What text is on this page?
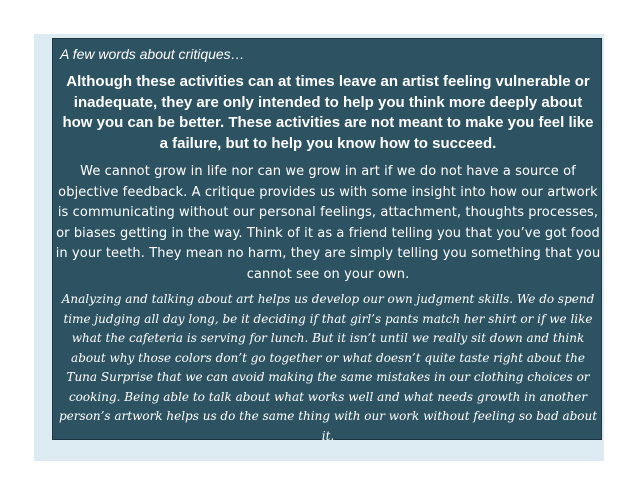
A few words about critiques…
Although these activities can at times leave an artist feeling vulnerable or inadequate, they are only intended to help you think more deeply about how you can be better. These activities are not meant to make you feel like a failure, but to help you know how to succeed.
We cannot grow in life nor can we grow in art if we do not have a source of objective feedback. A critique provides us with some insight into how our artwork is communicating without our personal feelings, attachment, thoughts processes, or biases getting in the way. Think of it as a friend telling you that you’ve got food in your teeth. They mean no harm, they are simply telling you something that you cannot see on your own.
Analyzing and talking about art helps us develop our own judgment skills. We do spend time judging all day long, be it deciding if that girl’s pants match her shirt or if we like what the cafeteria is serving for lunch. But it isn’t until we really sit down and think about why those colors don’t go together or what doesn’t quite taste right about the Tuna Surprise that we can avoid making the same mistakes in our clothing choices or cooking. Being able to talk about what works well and what needs growth in another person’s artwork helps us do the same thing with our work without feeling so bad about it.
